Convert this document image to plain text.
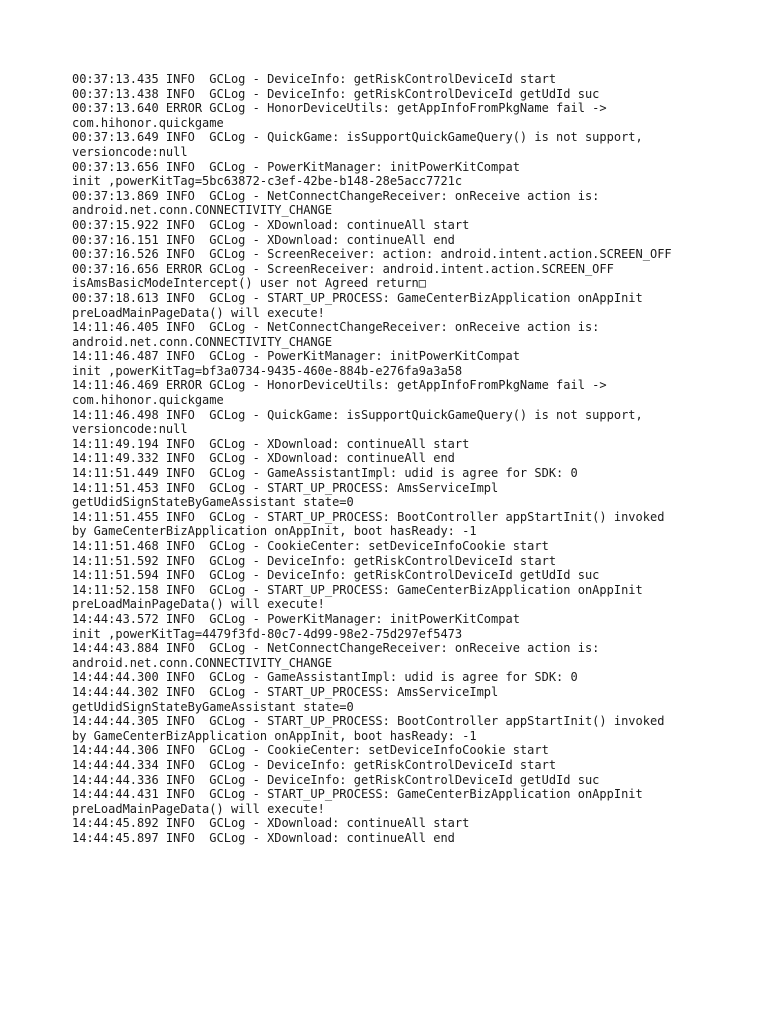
00:37:13.435 INFO  GCLog - DeviceInfo: getRiskControlDeviceId start
00:37:13.438 INFO  GCLog - DeviceInfo: getRiskControlDeviceId getUdId suc
00:37:13.640 ERROR GCLog - HonorDeviceUtils: getAppInfoFromPkgName fail ->
com.hihonor.quickgame
00:37:13.649 INFO  GCLog - QuickGame: isSupportQuickGameQuery() is not support,
versioncode:null
00:37:13.656 INFO  GCLog - PowerKitManager: initPowerKitCompat
init ,powerKitTag=5bc63872-c3ef-42be-b148-28e5acc7721c
00:37:13.869 INFO  GCLog - NetConnectChangeReceiver: onReceive action is:
android.net.conn.CONNECTIVITY_CHANGE
00:37:15.922 INFO  GCLog - XDownload: continueAll start
00:37:16.151 INFO  GCLog - XDownload: continueAll end
00:37:16.526 INFO  GCLog - ScreenReceiver: action: android.intent.action.SCREEN_OFF
00:37:16.656 ERROR GCLog - ScreenReceiver: android.intent.action.SCREEN_OFF
isAmsBasicModeIntercept() user not Agreed return□
00:37:18.613 INFO  GCLog - START_UP_PROCESS: GameCenterBizApplication onAppInit
preLoadMainPageData() will execute!
14:11:46.405 INFO  GCLog - NetConnectChangeReceiver: onReceive action is:
android.net.conn.CONNECTIVITY_CHANGE
14:11:46.487 INFO  GCLog - PowerKitManager: initPowerKitCompat
init ,powerKitTag=bf3a0734-9435-460e-884b-e276fa9a3a58
14:11:46.469 ERROR GCLog - HonorDeviceUtils: getAppInfoFromPkgName fail ->
com.hihonor.quickgame
14:11:46.498 INFO  GCLog - QuickGame: isSupportQuickGameQuery() is not support,
versioncode:null
14:11:49.194 INFO  GCLog - XDownload: continueAll start
14:11:49.332 INFO  GCLog - XDownload: continueAll end
14:11:51.449 INFO  GCLog - GameAssistantImpl: udid is agree for SDK: 0
14:11:51.453 INFO  GCLog - START_UP_PROCESS: AmsServiceImpl
getUdidSignStateByGameAssistant state=0
14:11:51.455 INFO  GCLog - START_UP_PROCESS: BootController appStartInit() invoked
by GameCenterBizApplication onAppInit, boot hasReady: -1
14:11:51.468 INFO  GCLog - CookieCenter: setDeviceInfoCookie start
14:11:51.592 INFO  GCLog - DeviceInfo: getRiskControlDeviceId start
14:11:51.594 INFO  GCLog - DeviceInfo: getRiskControlDeviceId getUdId suc
14:11:52.158 INFO  GCLog - START_UP_PROCESS: GameCenterBizApplication onAppInit
preLoadMainPageData() will execute!
14:44:43.572 INFO  GCLog - PowerKitManager: initPowerKitCompat
init ,powerKitTag=4479f3fd-80c7-4d99-98e2-75d297ef5473
14:44:43.884 INFO  GCLog - NetConnectChangeReceiver: onReceive action is:
android.net.conn.CONNECTIVITY_CHANGE
14:44:44.300 INFO  GCLog - GameAssistantImpl: udid is agree for SDK: 0
14:44:44.302 INFO  GCLog - START_UP_PROCESS: AmsServiceImpl
getUdidSignStateByGameAssistant state=0
14:44:44.305 INFO  GCLog - START_UP_PROCESS: BootController appStartInit() invoked
by GameCenterBizApplication onAppInit, boot hasReady: -1
14:44:44.306 INFO  GCLog - CookieCenter: setDeviceInfoCookie start
14:44:44.334 INFO  GCLog - DeviceInfo: getRiskControlDeviceId start
14:44:44.336 INFO  GCLog - DeviceInfo: getRiskControlDeviceId getUdId suc
14:44:44.431 INFO  GCLog - START_UP_PROCESS: GameCenterBizApplication onAppInit
preLoadMainPageData() will execute!
14:44:45.892 INFO  GCLog - XDownload: continueAll start
14:44:45.897 INFO  GCLog - XDownload: continueAll end
